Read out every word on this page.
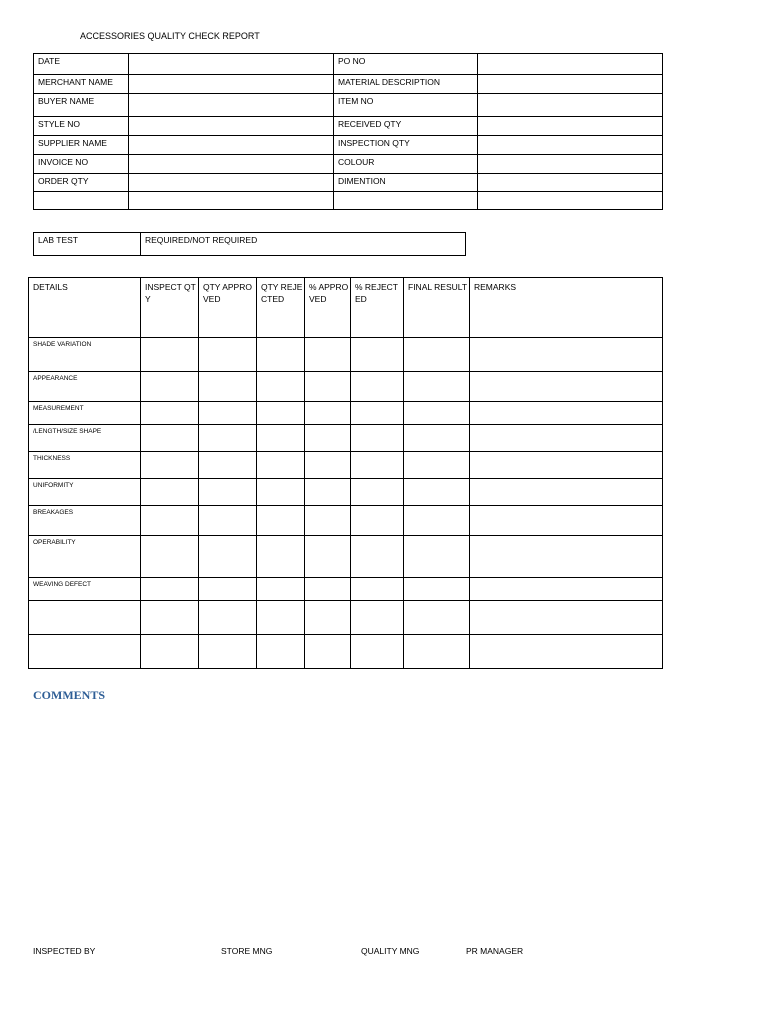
ACCESSORIES QUALITY CHECK REPORT
DATE		PO NO	

MERCHANT NAME		MATERIAL DESCRIPTION	

BUYER NAME		ITEM NO	

STYLE NO		RECEIVED QTY	

SUPPLIER NAME		INSPECTION QTY	

INVOICE NO		COLOUR	

ORDER QTY		DIMENTION	

LAB TEST	REQUIRED/NOT REQUIRED
DETAILS	INSPECT QTY	QTY APPROVED	QTY REJECTED	% APPROVED	% REJECTED	FINAL RESULT	REMARKS

SHADE VARIATION							

APPEARANCE							

MEASUREMENT							

/LENGTH/SIZE SHAPE							

THICKNESS							

UNIFORMITY							

BREAKAGES							

OPERABILITY							

WEAVING DEFECT							

COMMENTS
INSPECTED BY	STORE MNG	QUALITY MNG	PR MANAGER
